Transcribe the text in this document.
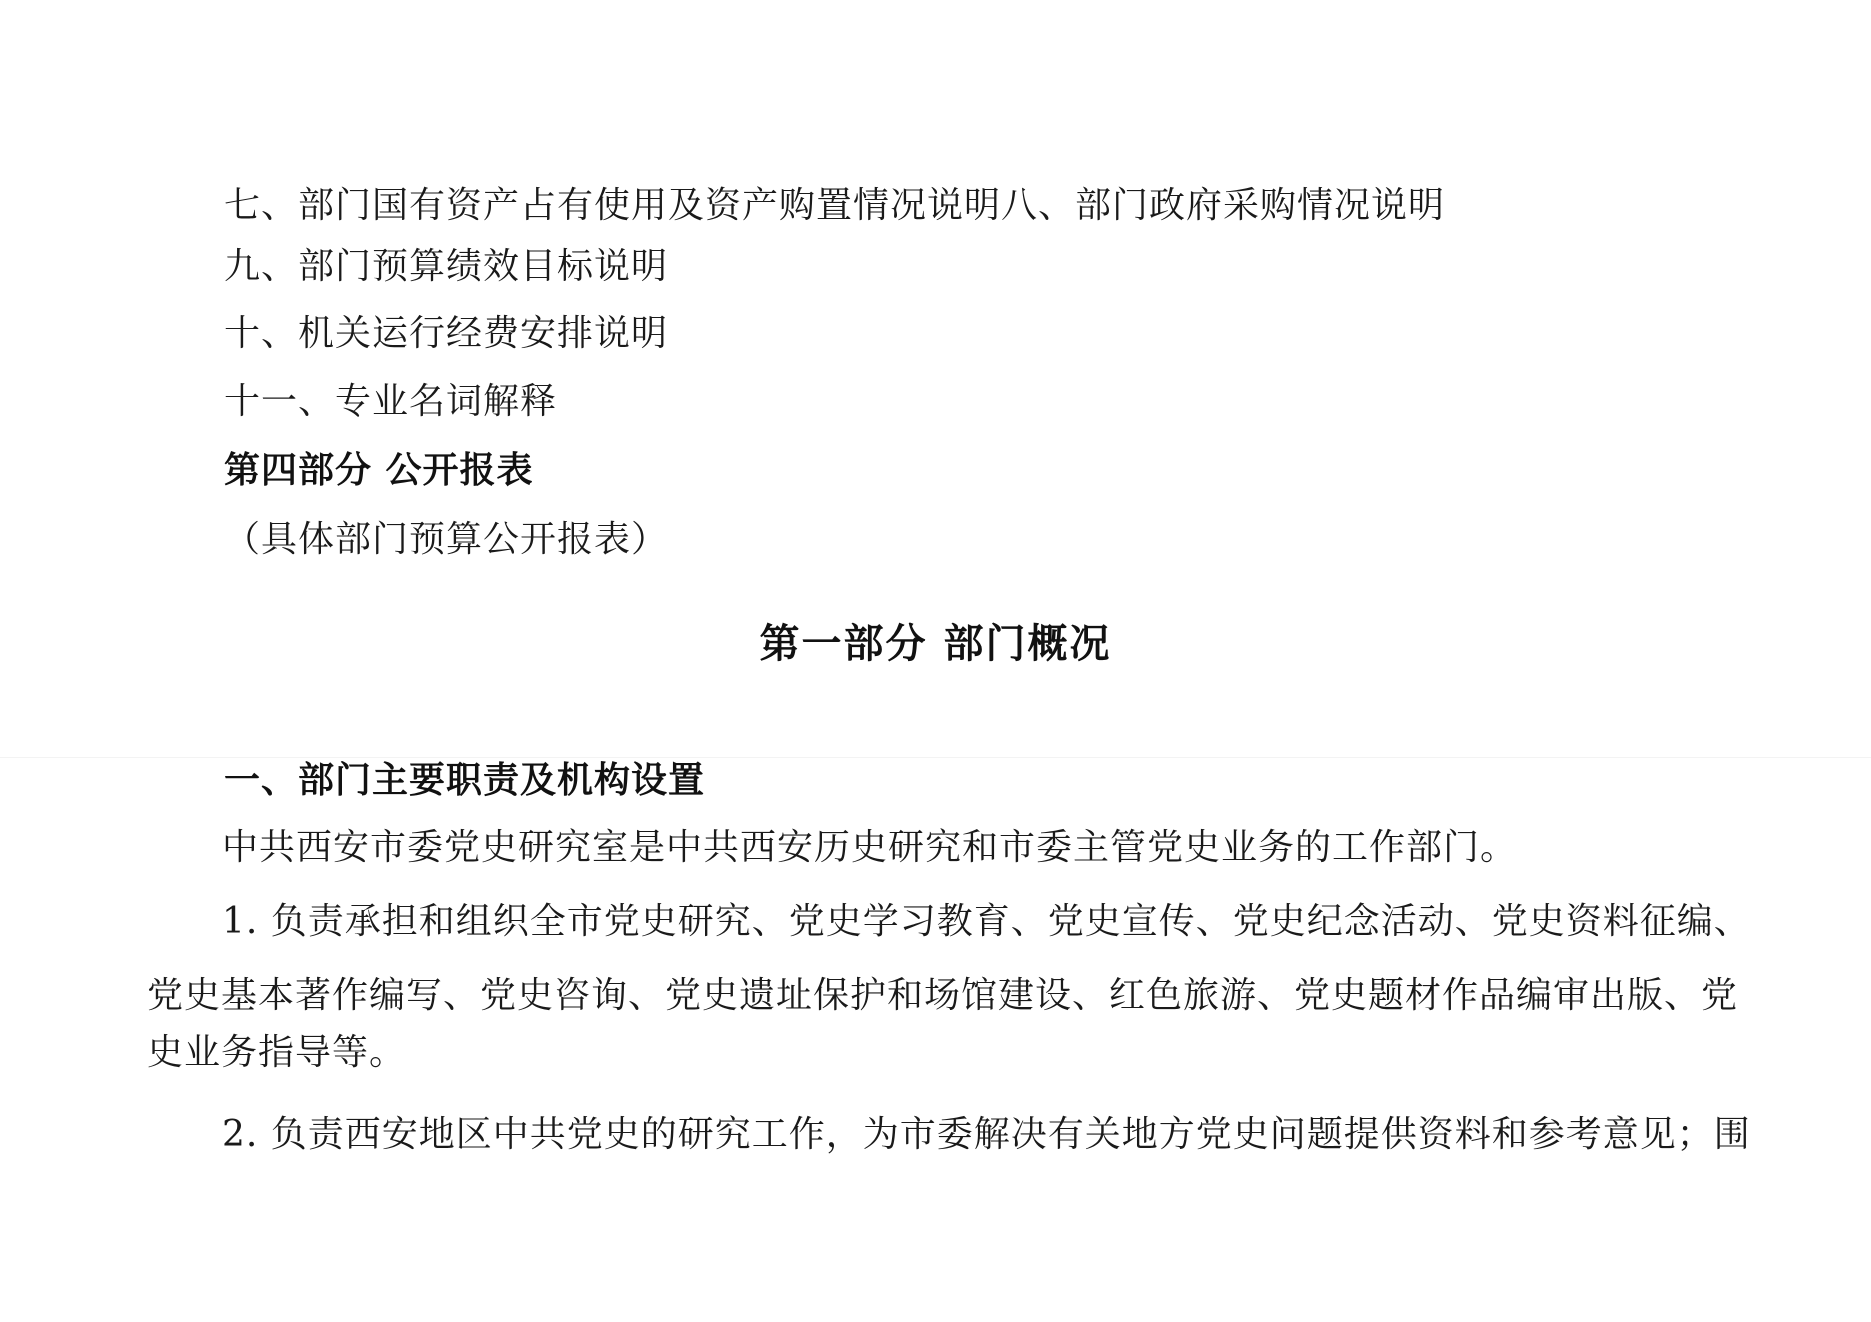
七、部门国有资产占有使用及资产购置情况说明八、部门政府采购情况说明
九、部门预算绩效目标说明
十、机关运行经费安排说明
十一、专业名词解释
第四部分 公开报表
（具体部门预算公开报表）
第一部分 部门概况
一、部门主要职责及机构设置
中共西安市委党史研究室是中共西安历史研究和市委主管党史业务的工作部门。
1. 负责承担和组织全市党史研究、党史学习教育、党史宣传、党史纪念活动、党史资料征编、
党史基本著作编写、党史咨询、党史遗址保护和场馆建设、红色旅游、党史题材作品编审出版、党
史业务指导等。
2. 负责西安地区中共党史的研究工作，为市委解决有关地方党史问题提供资料和参考意见；围
